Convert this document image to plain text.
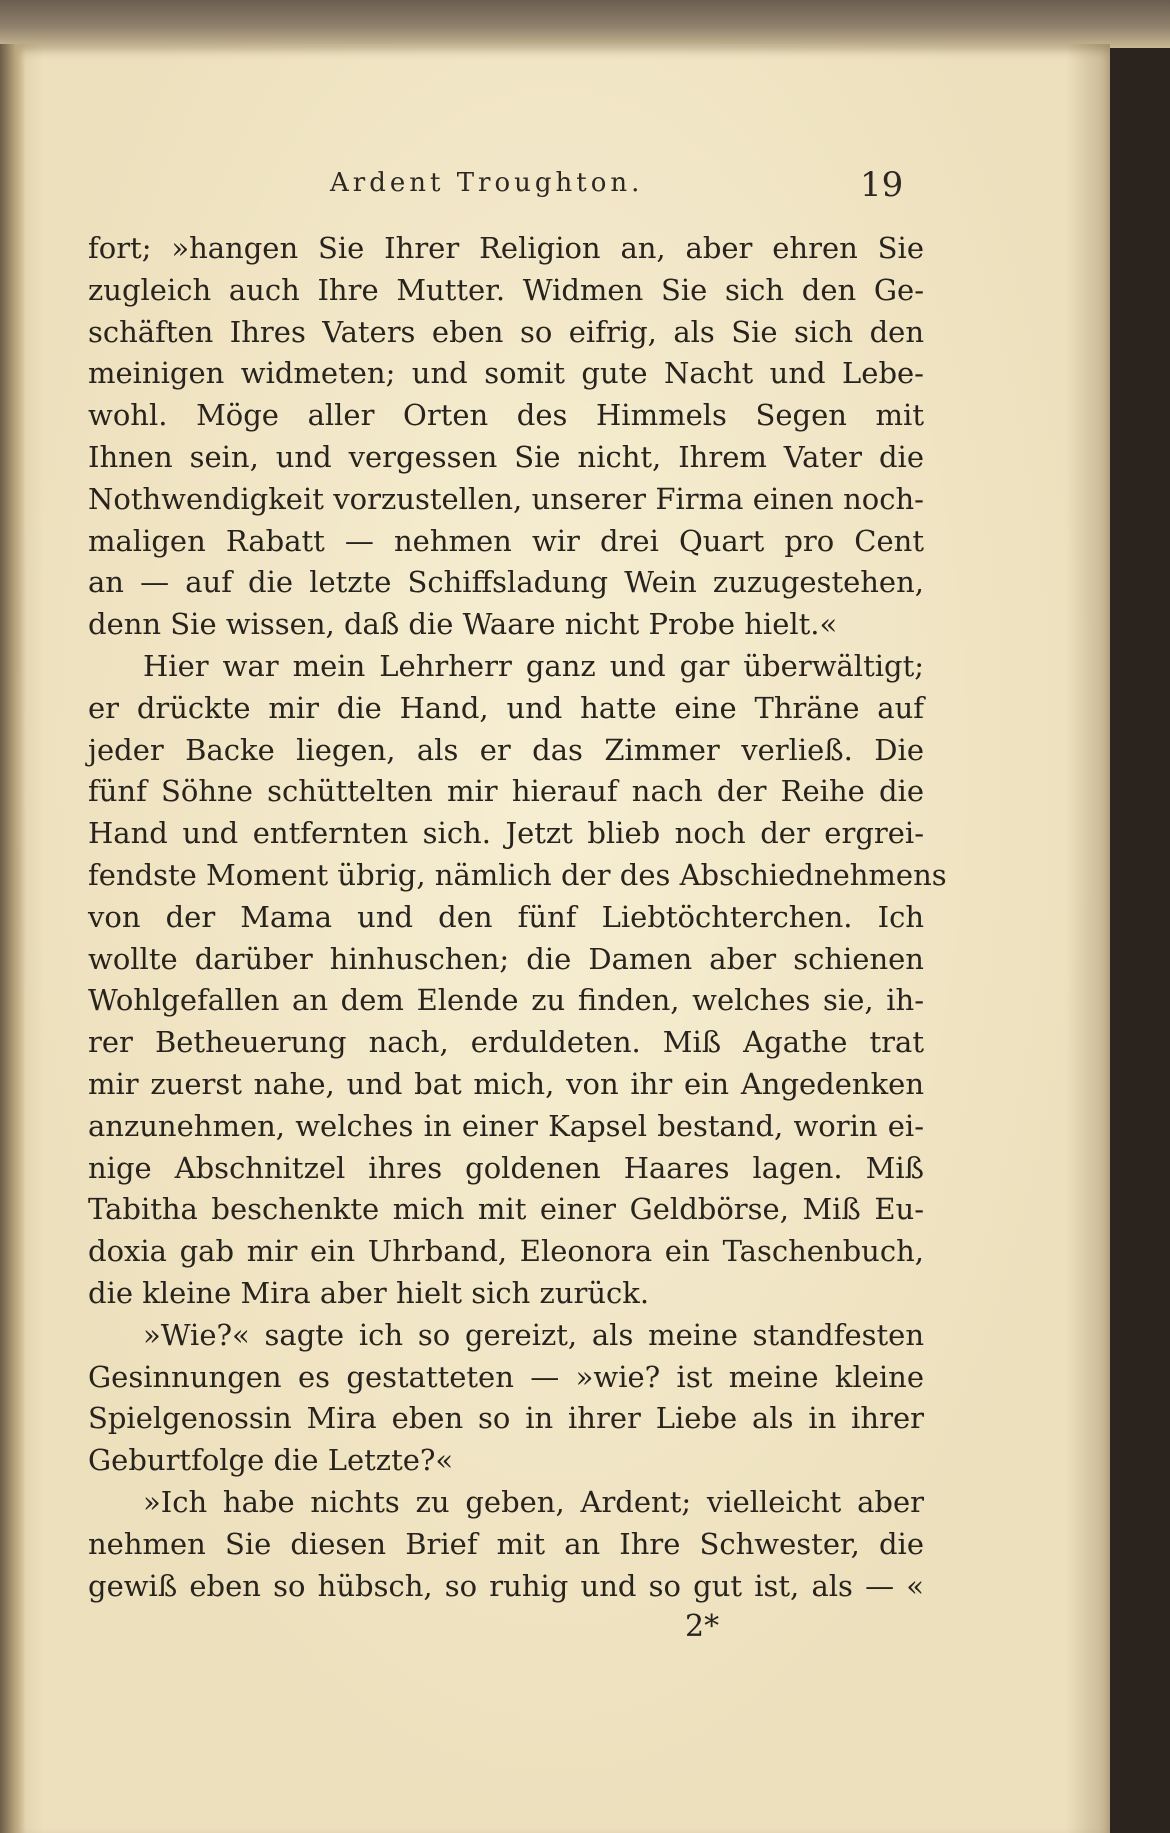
Ardent Troughton.	19
fort; »hangen Sie Ihrer Religion an, aber ehren Sie
zugleich auch Ihre Mutter. Widmen Sie sich den Ge-
schäften Ihres Vaters eben so eifrig, als Sie sich den
meinigen widmeten; und somit gute Nacht und Lebe-
wohl. Möge aller Orten des Himmels Segen mit
Ihnen sein, und vergessen Sie nicht, Ihrem Vater die
Nothwendigkeit vorzustellen, unserer Firma einen noch-
maligen Rabatt — nehmen wir drei Quart pro Cent
an — auf die letzte Schiffsladung Wein zuzugestehen,
denn Sie wissen, daß die Waare nicht Probe hielt.«
Hier war mein Lehrherr ganz und gar überwältigt;
er drückte mir die Hand, und hatte eine Thräne auf
jeder Backe liegen, als er das Zimmer verließ. Die
fünf Söhne schüttelten mir hierauf nach der Reihe die
Hand und entfernten sich. Jetzt blieb noch der ergrei-
fendste Moment übrig, nämlich der des Abschiednehmens
von der Mama und den fünf Liebtöchterchen. Ich
wollte darüber hinhuschen; die Damen aber schienen
Wohlgefallen an dem Elende zu finden, welches sie, ih-
rer Betheuerung nach, erduldeten. Miß Agathe trat
mir zuerst nahe, und bat mich, von ihr ein Angedenken
anzunehmen, welches in einer Kapsel bestand, worin ei-
nige Abschnitzel ihres goldenen Haares lagen. Miß
Tabitha beschenkte mich mit einer Geldbörse, Miß Eu-
doxia gab mir ein Uhrband, Eleonora ein Taschenbuch,
die kleine Mira aber hielt sich zurück.
»Wie?« sagte ich so gereizt, als meine standfesten
Gesinnungen es gestatteten — »wie? ist meine kleine
Spielgenossin Mira eben so in ihrer Liebe als in ihrer
Geburtfolge die Letzte?«
»Ich habe nichts zu geben, Ardent; vielleicht aber
nehmen Sie diesen Brief mit an Ihre Schwester, die
gewiß eben so hübsch, so ruhig und so gut ist, als — «
2*
